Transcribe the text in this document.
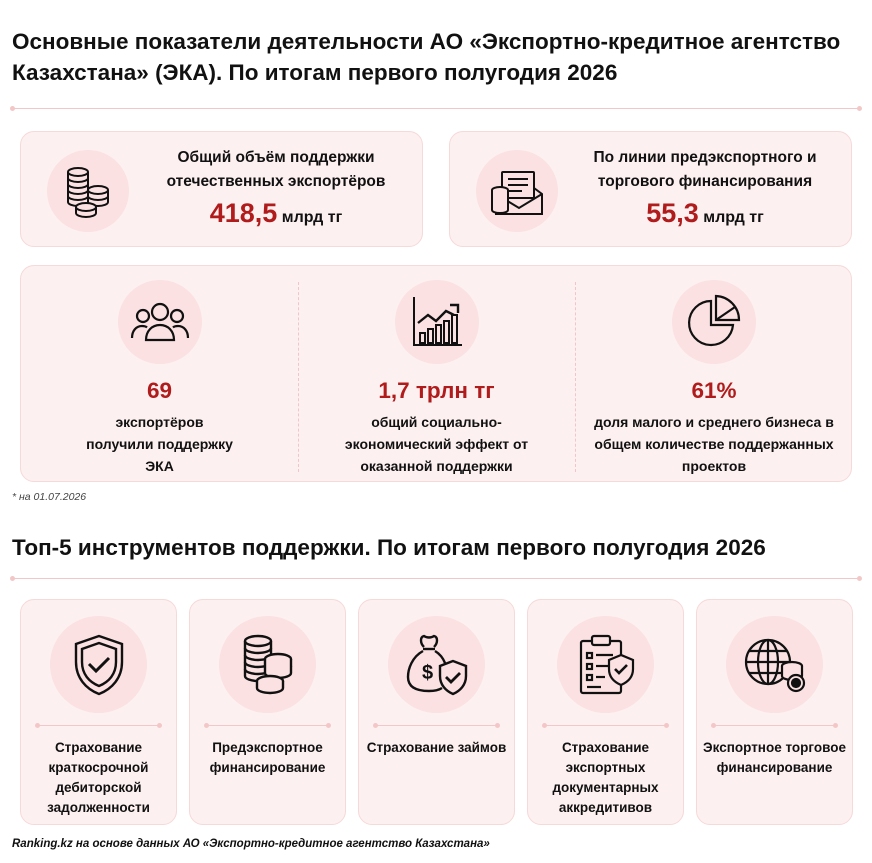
Основные показатели деятельности АО «Экспортно-кредитное агентство Казахстана» (ЭКА). По итогам первого полугодия 2026
Общий объём поддержки отечественных экспортёров
418,5 млрд тг
По линии предэкспортного и торгового финансирования
55,3 млрд тг
69
экспортёров получили поддержку ЭКА
1,7 трлн тг
общий социально-экономический эффект от оказанной поддержки
61%
доля малого и среднего бизнеса в общем количестве поддержанных проектов
* на 01.07.2026
Топ-5 инструментов поддержки. По итогам первого полугодия 2026
Страхование краткосрочной дебиторской задолженности
Предэкспортное финансирование
$
Страхование займов	Страхование экспортных документарных аккредитивов
Экспортное торговое финансирование
Ranking.kz на основе данных АО «Экспортно-кредитное агентство Казахстана»
